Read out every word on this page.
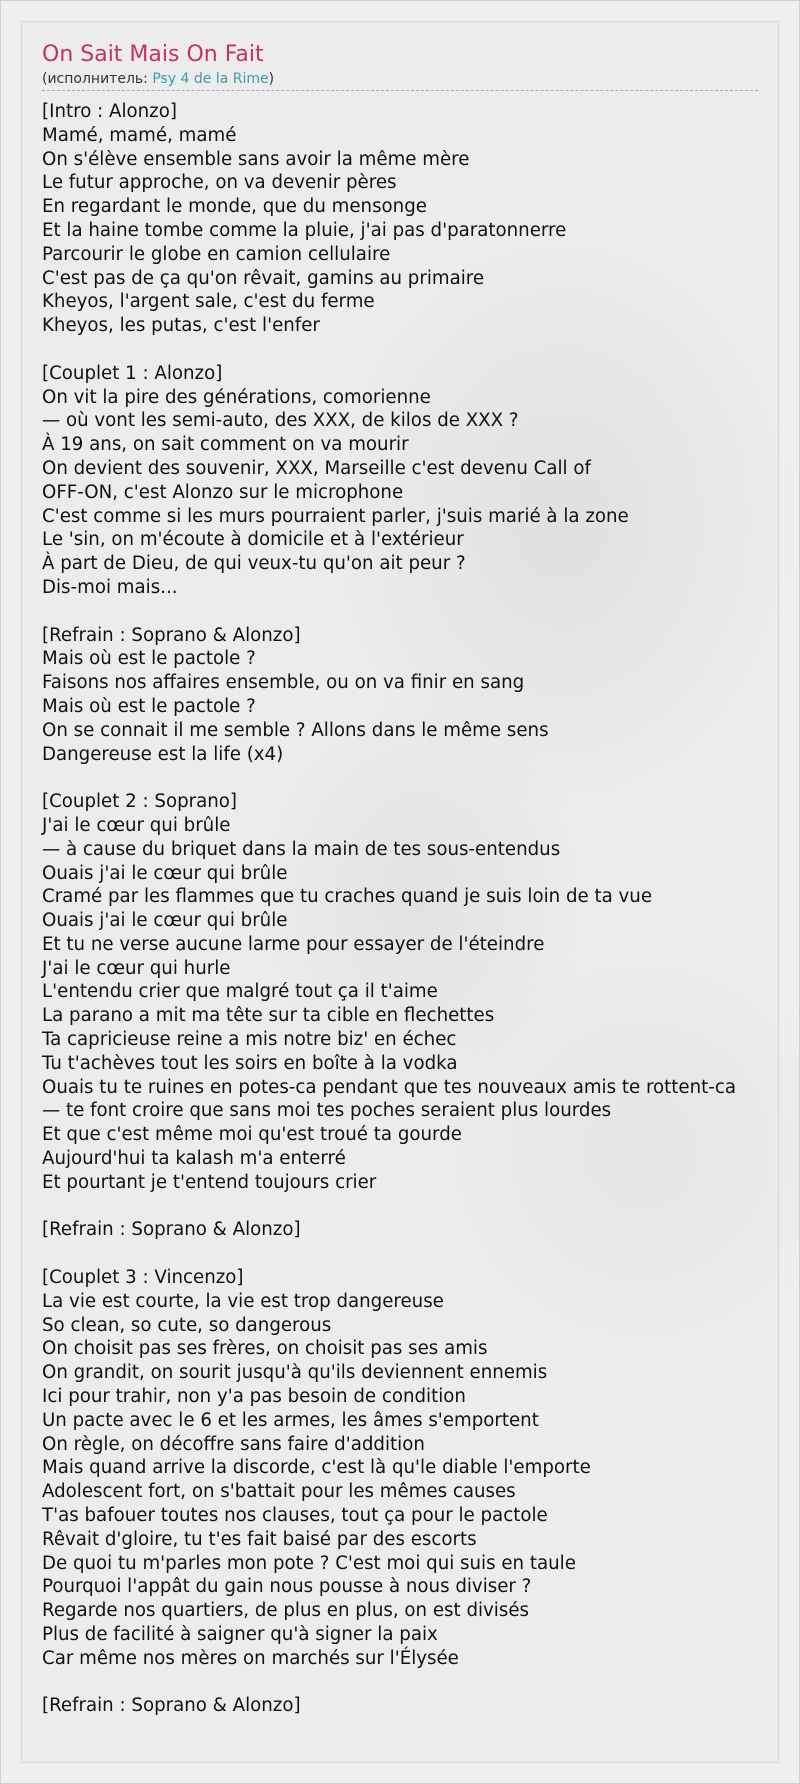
On Sait Mais On Fait
(исполнитель: Psy 4 de la Rime)
[Intro : Alonzo]
Mamé, mamé, mamé
On s'élève ensemble sans avoir la même mère
Le futur approche, on va devenir pères
En regardant le monde, que du mensonge
Et la haine tombe comme la pluie, j'ai pas d'paratonnerre
Parcourir le globe en camion cellulaire
C'est pas de ça qu'on rêvait, gamins au primaire
Kheyos, l'argent sale, c'est du ferme
Kheyos, les putas, c'est l'enfer
[Couplet 1 : Alonzo]
On vit la pire des générations, comorienne
— où vont les semi-auto, des XXX, de kilos de XXX ?
À 19 ans, on sait comment on va mourir
On devient des souvenir, XXX, Marseille c'est devenu Call of
OFF-ON, c'est Alonzo sur le microphone
C'est comme si les murs pourraient parler, j'suis marié à la zone
Le 'sin, on m'écoute à domicile et à l'extérieur
À part de Dieu, de qui veux-tu qu'on ait peur ?
Dis-moi mais...
[Refrain : Soprano & Alonzo]
Mais où est le pactole ?
Faisons nos affaires ensemble, ou on va finir en sang
Mais où est le pactole ?
On se connait il me semble ? Allons dans le même sens
Dangereuse est la life (x4)
[Couplet 2 : Soprano]
J'ai le cœur qui brûle
— à cause du briquet dans la main de tes sous-entendus
Ouais j'ai le cœur qui brûle
Cramé par les flammes que tu craches quand je suis loin de ta vue
Ouais j'ai le cœur qui brûle
Et tu ne verse aucune larme pour essayer de l'éteindre
J'ai le cœur qui hurle
L'entendu crier que malgré tout ça il t'aime
La parano a mit ma tête sur ta cible en flechettes
Ta capricieuse reine a mis notre biz' en échec
Tu t'achèves tout les soirs en boîte à la vodka
Ouais tu te ruines en potes-ca pendant que tes nouveaux amis te rottent-ca
— te font croire que sans moi tes poches seraient plus lourdes
Et que c'est même moi qu'est troué ta gourde
Aujourd'hui ta kalash m'a enterré
Et pourtant je t'entend toujours crier
[Refrain : Soprano & Alonzo]
[Couplet 3 : Vincenzo]
La vie est courte, la vie est trop dangereuse
So clean, so cute, so dangerous
On choisit pas ses frères, on choisit pas ses amis
On grandit, on sourit jusqu'à qu'ils deviennent ennemis
Ici pour trahir, non y'a pas besoin de condition
Un pacte avec le 6 et les armes, les âmes s'emportent
On règle, on décoffre sans faire d'addition
Mais quand arrive la discorde, c'est là qu'le diable l'emporte
Adolescent fort, on s'battait pour les mêmes causes
T'as bafouer toutes nos clauses, tout ça pour le pactole
Rêvait d'gloire, tu t'es fait baisé par des escorts
De quoi tu m'parles mon pote ? C'est moi qui suis en taule
Pourquoi l'appât du gain nous pousse à nous diviser ?
Regarde nos quartiers, de plus en plus, on est divisés
Plus de facilité à saigner qu'à signer la paix
Car même nos mères on marchés sur l'Élysée
[Refrain : Soprano & Alonzo]
